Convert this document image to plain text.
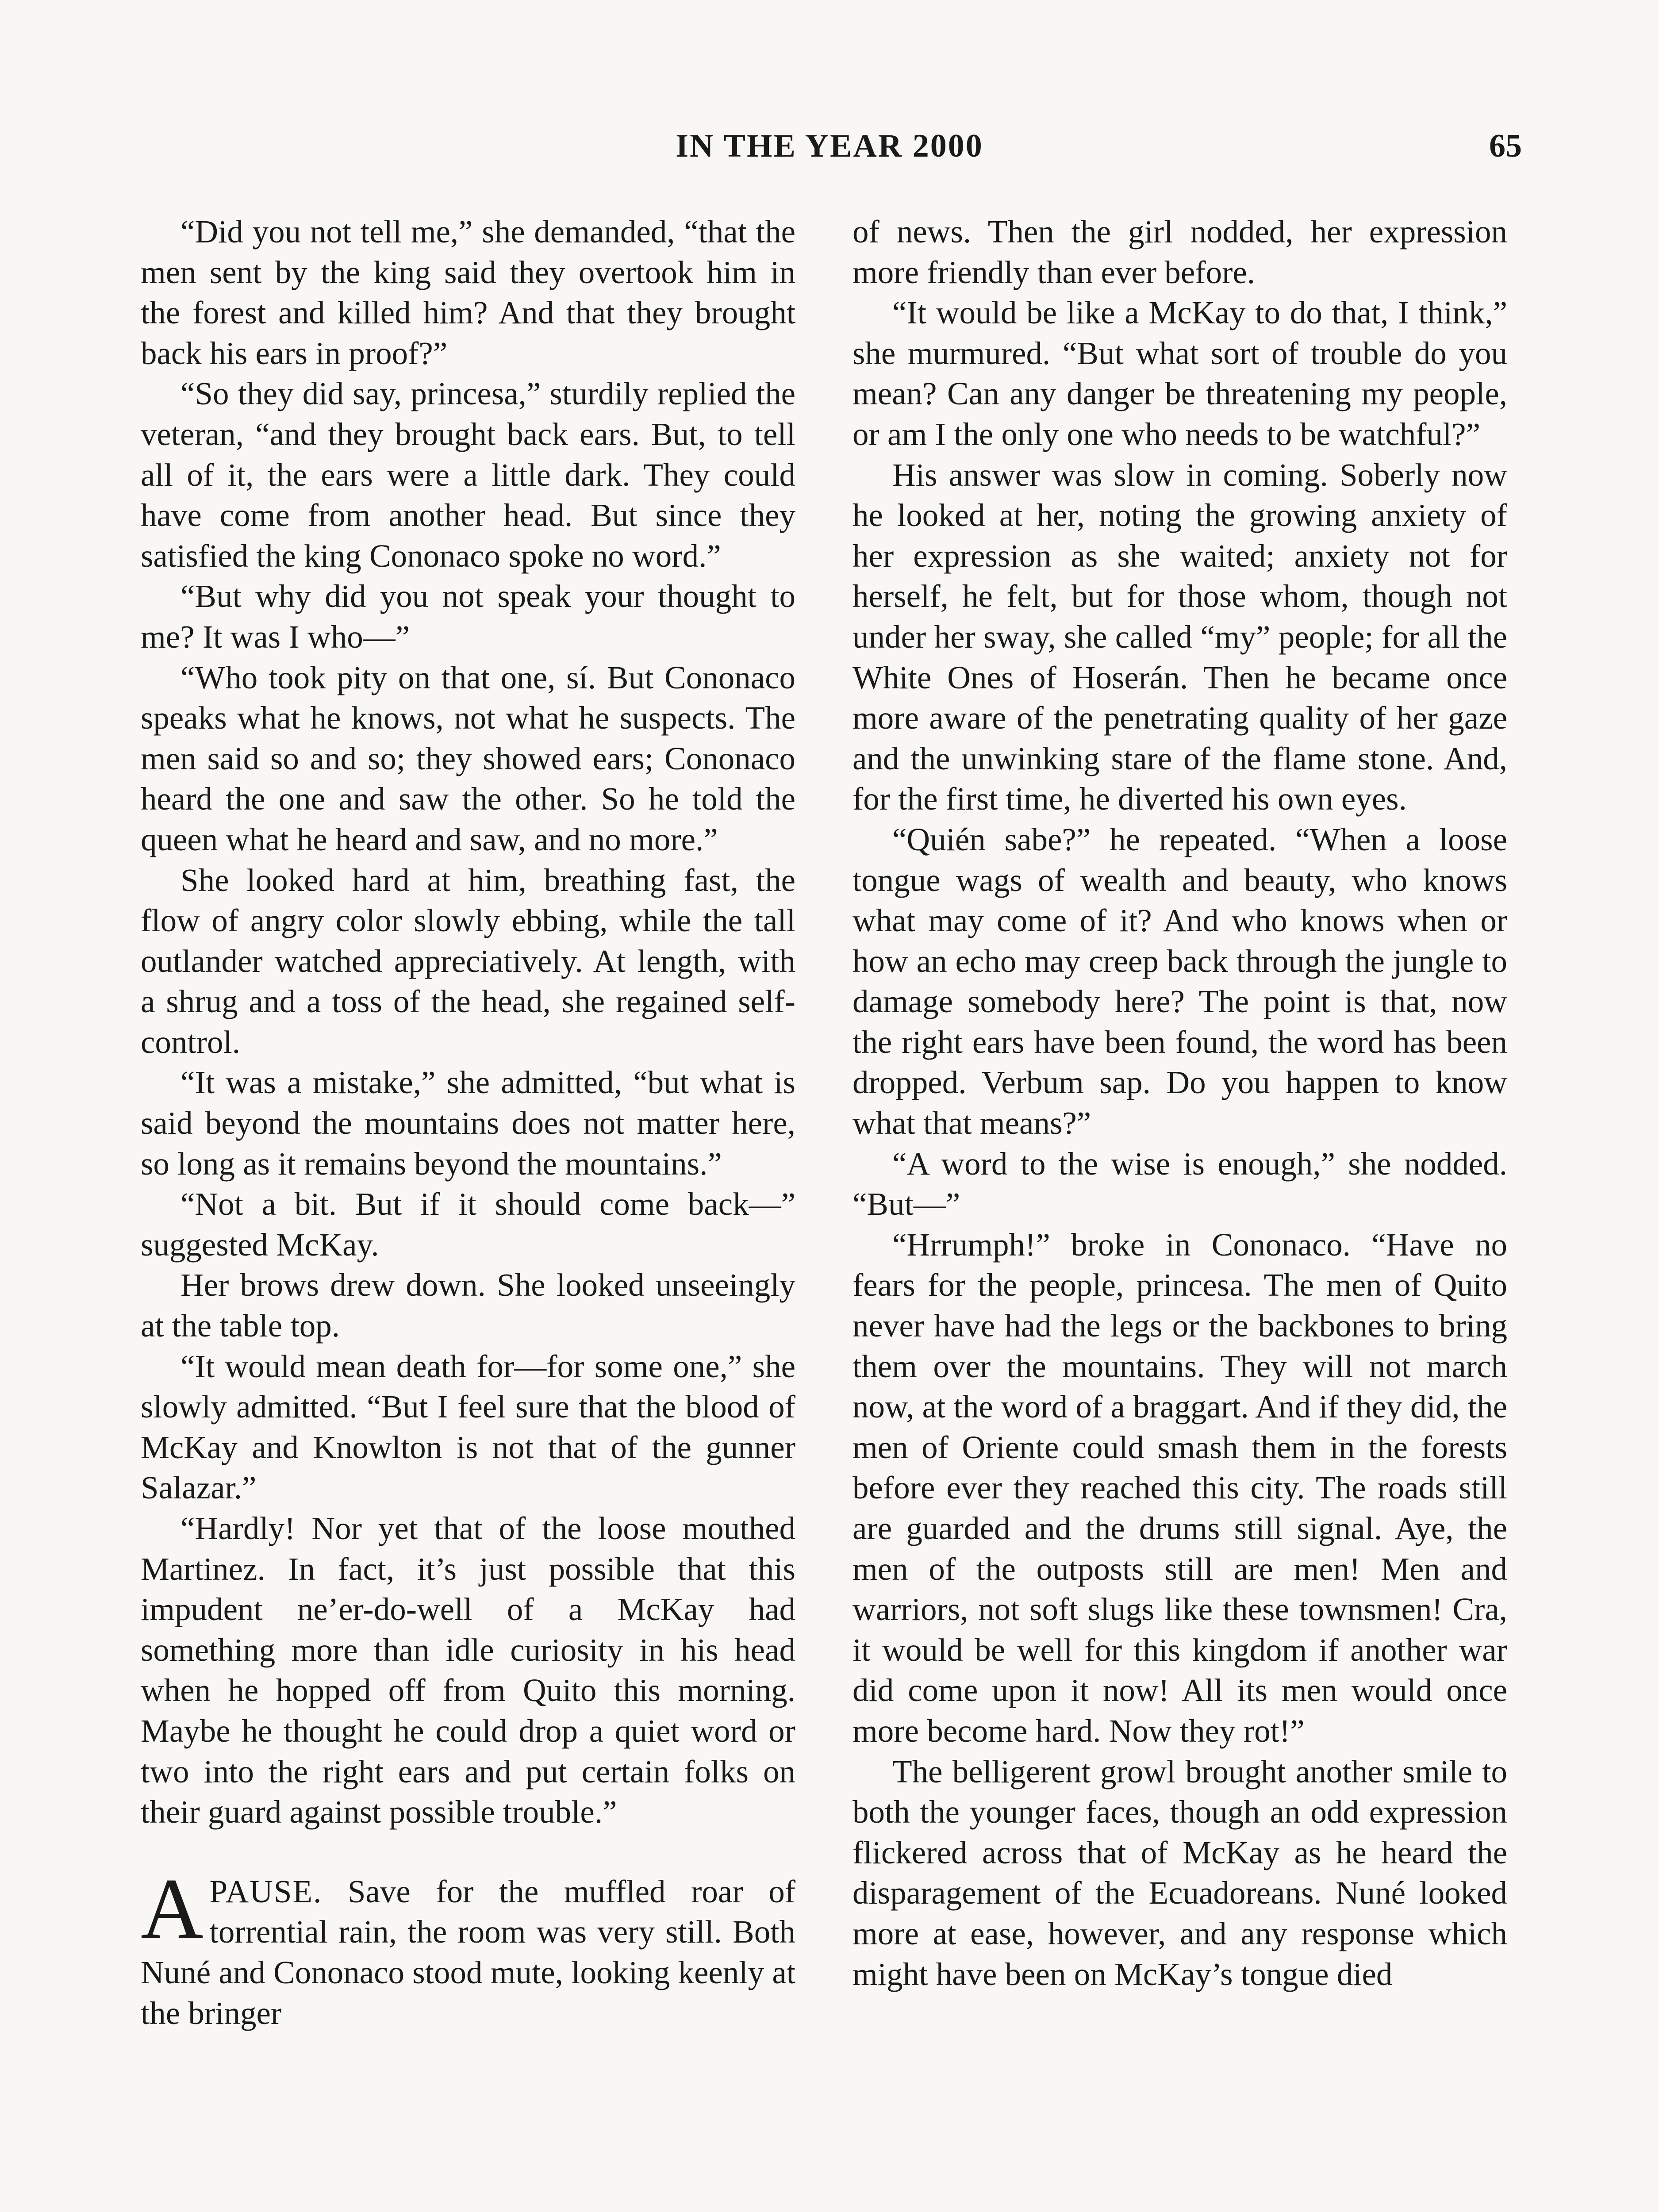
IN THE YEAR 2000	65

“Did you not tell me,” she demanded, “that the men sent by the king said they overtook him in the forest and killed him? And that they brought back his ears in proof?”

“So they did say, princesa,” sturdily replied the veteran, “and they brought back ears. But, to tell all of it, the ears were a little dark. They could have come from another head. But since they satisfied the king Cononaco spoke no word.”

“But why did you not speak your thought to me? It was I who—”

“Who took pity on that one, sí. But Cononaco speaks what he knows, not what he suspects. The men said so and so; they showed ears; Cononaco heard the one and saw the other. So he told the queen what he heard and saw, and no more.”

She looked hard at him, breathing fast, the flow of angry color slowly ebbing, while the tall outlander watched appreciatively. At length, with a shrug and a toss of the head, she regained self-control.

“It was a mistake,” she admitted, “but what is said beyond the mountains does not matter here, so long as it remains beyond the mountains.”

“Not a bit. But if it should come back—” suggested McKay.

Her brows drew down. She looked unseeingly at the table top.

“It would mean death for—for some one,” she slowly admitted. “But I feel sure that the blood of McKay and Knowlton is not that of the gunner Salazar.”

“Hardly! Nor yet that of the loose mouthed Martinez. In fact, it’s just possible that this impudent ne’er-do-well of a McKay had something more than idle curiosity in his head when he hopped off from Quito this morning. Maybe he thought he could drop a quiet word or two into the right ears and put certain folks on their guard against possible trouble.”

APAUSE. Save for the muffled roar of torrential rain, the room was very still. Both Nuné and Cononaco stood mute, looking keenly at the bringer

of news. Then the girl nodded, her expression more friendly than ever before.

“It would be like a McKay to do that, I think,” she murmured. “But what sort of trouble do you mean? Can any danger be threatening my people, or am I the only one who needs to be watchful?”

His answer was slow in coming. Soberly now he looked at her, noting the growing anxiety of her expression as she waited; anxiety not for herself, he felt, but for those whom, though not under her sway, she called “my” people; for all the White Ones of Hoserán. Then he became once more aware of the penetrating quality of her gaze and the unwinking stare of the flame stone. And, for the first time, he diverted his own eyes.

“Quién sabe?” he repeated. “When a loose tongue wags of wealth and beauty, who knows what may come of it? And who knows when or how an echo may creep back through the jungle to damage somebody here? The point is that, now the right ears have been found, the word has been dropped. Verbum sap. Do you happen to know what that means?”

“A word to the wise is enough,” she nodded. “But—”

“Hrrumph!” broke in Cononaco. “Have no fears for the people, princesa. The men of Quito never have had the legs or the backbones to bring them over the mountains. They will not march now, at the word of a braggart. And if they did, the men of Oriente could smash them in the forests before ever they reached this city. The roads still are guarded and the drums still signal. Aye, the men of the outposts still are men! Men and warriors, not soft slugs like these townsmen! Cra, it would be well for this kingdom if another war did come upon it now! All its men would once more become hard. Now they rot!”

The belligerent growl brought another smile to both the younger faces, though an odd expression flickered across that of McKay as he heard the disparagement of the Ecuadoreans. Nuné looked more at ease, however, and any response which might have been on McKay’s tongue died
